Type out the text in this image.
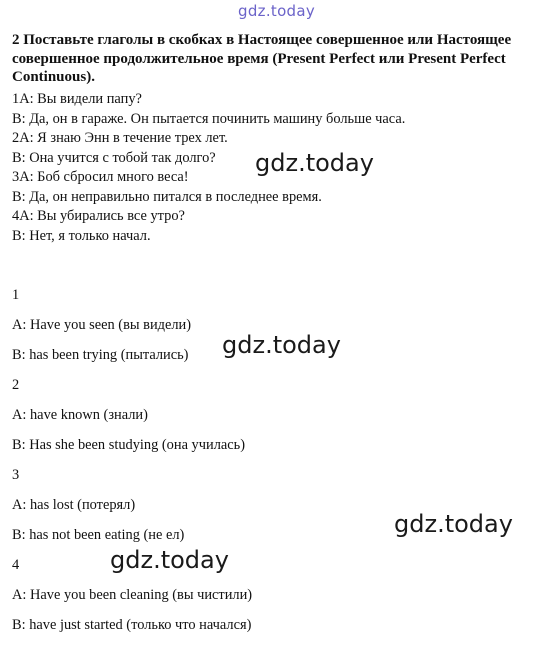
gdz.today
2 Поставьте глаголы в скобках в Настоящее совершенное или Настоящее совершенное продолжительное время (Present Perfect или Present Perfect Continuous).
1А: Вы видели папу?
В: Да, он в гараже. Он пытается починить машину больше часа.
2А: Я знаю Энн в течение трех лет.
В: Она учится с тобой так долго?
3А: Боб сбросил много веса!
В: Да, он неправильно питался в последнее время.
4А: Вы убирались все утро?
В: Нет, я только начал.
1
A: Have you seen (вы видели)
B: has been trying (пытались)
2
A: have known (знали)
B: Has she been studying (она училась)
3
A: has lost (потерял)
B: has not been eating (не ел)
4
A: Have you been cleaning (вы чистили)
B: have just started (только что начался)
gdz.today
gdz.today
gdz.today
gdz.today
